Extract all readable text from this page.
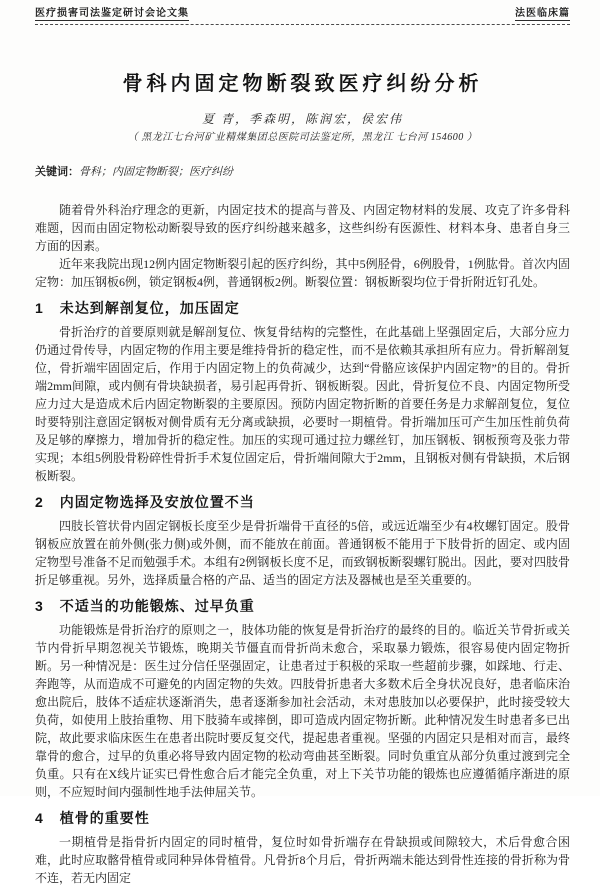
医疗损害司法鉴定研讨会论文集	法医临床篇
骨科内固定物断裂致医疗纠纷分析
夏 青，季森明，陈润宏，侯宏伟
（ 黑龙江七台河矿业精煤集团总医院司法鉴定所，黑龙江 七台河 154600 ）
关键词：骨科；内固定物断裂；医疗纠纷

随着骨外科治疗理念的更新，内固定技术的提高与普及、内固定物材料的发展、攻克了许多骨科难题，因而由固定物松动断裂导致的医疗纠纷越来越多，这些纠纷有医源性、材料本身、患者自身三方面的因素。

近年来我院出现12例内固定物断裂引起的医疗纠纷，其中5例胫骨，6例股骨，1例肱骨。首次内固定物：加压钢板6例，锁定钢板4例，普通钢板2例。断裂位置：钢板断裂均位于骨折附近钉孔处。

1 未达到解剖复位，加压固定

骨折治疗的首要原则就是解剖复位、恢复骨结构的完整性，在此基础上坚强固定后，大部分应力仍通过骨传导，内固定物的作用主要是维持骨折的稳定性，而不是依赖其承担所有应力。骨折解剖复位，骨折端牢固固定后，作用于内固定物上的负荷减少，达到“骨骼应该保护内固定物”的目的。骨折端2mm间隙，或内侧有骨块缺损者，易引起再骨折、钢板断裂。因此，骨折复位不良、内固定物所受应力过大是造成术后内固定物断裂的主要原因。预防内固定物折断的首要任务是力求解剖复位，复位时要特别注意固定钢板对侧骨质有无分离或缺损，必要时一期植骨。骨折端加压可产生加压性前负荷及足够的摩擦力，增加骨折的稳定性。加压的实现可通过拉力螺丝钉，加压钢板、钢板预弯及张力带实现；本组5例股骨粉碎性骨折手术复位固定后，骨折端间隙大于2mm，且钢板对侧有骨缺损，术后钢板断裂。

2 内固定物选择及安放位置不当

四肢长管状骨内固定钢板长度至少是骨折端骨干直径的5倍，或远近端至少有4枚螺钉固定。股骨钢板应放置在前外侧(张力侧)或外侧，而不能放在前面。普通钢板不能用于下肢骨折的固定、或内固定物型号准备不足而勉强手术。本组有2例钢板长度不足，而致钢板断裂螺钉脱出。因此，要对四肢骨折足够重视。另外，选择质量合格的产品、适当的固定方法及器械也是至关重要的。

3 不适当的功能锻炼、过早负重

功能锻炼是骨折治疗的原则之一，肢体功能的恢复是骨折治疗的最终的目的。临近关节骨折或关节内骨折早期忽视关节锻炼，晚期关节僵直而骨折尚未愈合，采取暴力锻炼，很容易使内固定物折断。另一种情况是：医生过分信任坚强固定，让患者过于积极的采取一些超前步骤，如踩地、行走、奔跑等，从而造成不可避免的内固定物的失效。四肢骨折患者大多数术后全身状况良好，患者临床治愈出院后，肢体不适症状逐渐消失，患者逐渐参加社会活动，未对患肢加以必要保护，此时接受较大负荷，如使用上肢抬重物、用下肢骑车或摔倒，即可造成内固定物折断。此种情况发生时患者多已出院，故此要求临床医生在患者出院时要反复交代，提起患者重视。坚强的内固定只是相对而言，最终靠骨的愈合，过早的负重必将导致内固定物的松动弯曲甚至断裂。同时负重宜从部分负重过渡到完全负重。只有在X线片证实已骨性愈合后才能完全负重，对上下关节功能的锻炼也应遵循循序渐进的原则，不应短时间内强制性地手法伸屈关节。

4 植骨的重要性

一期植骨是指骨折内固定的同时植骨，复位时如骨折端存在骨缺损或间隙较大，术后骨愈合困难，此时应取髂骨植骨或同种异体骨植骨。凡骨折8个月后，骨折两端未能达到骨性连接的骨折称为骨不连，若无内固定
